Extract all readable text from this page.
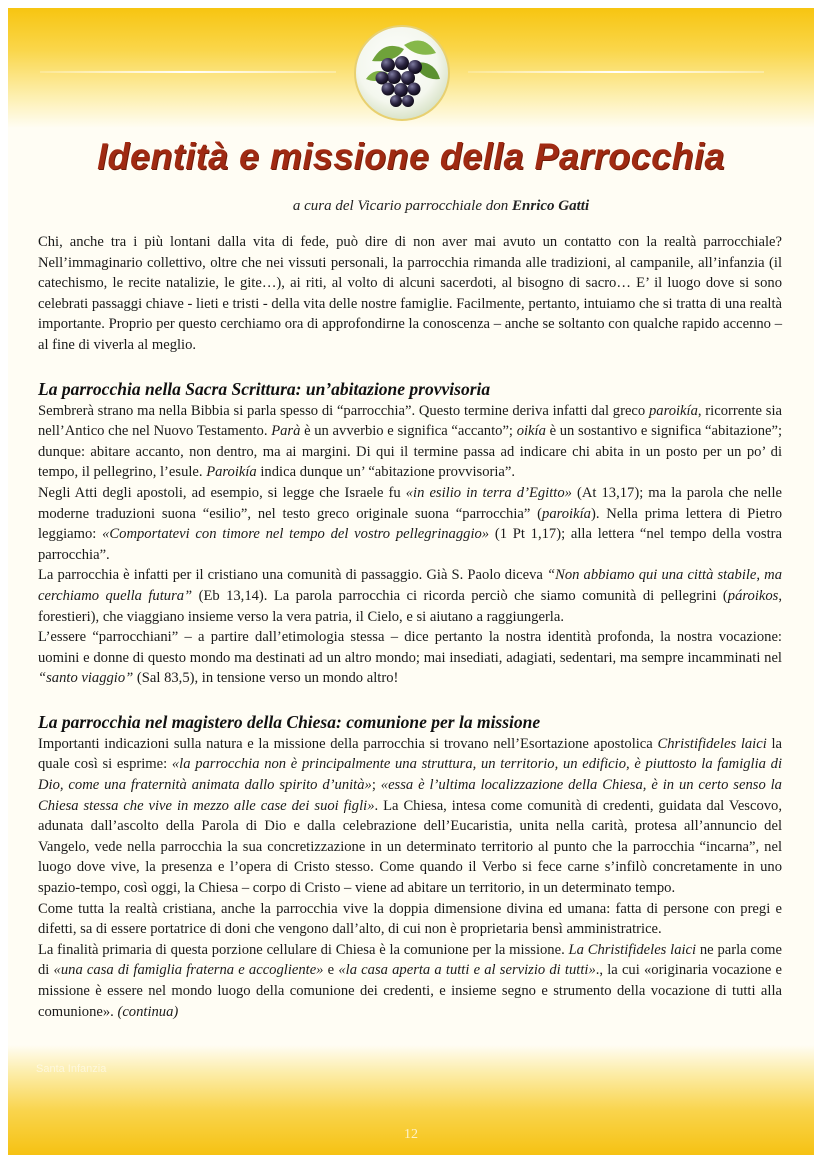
Identità e missione della Parrocchia
a cura del Vicario parrocchiale don Enrico Gatti

Chi, anche tra i più lontani dalla vita di fede, può dire di non aver mai avuto un contatto con la realtà parrocchiale? Nell’immaginario collettivo, oltre che nei vissuti personali, la parrocchia rimanda alle tradizioni, al campanile, all’infanzia (il catechismo, le recite natalizie, le gite…), ai riti, al volto di alcuni sacerdoti, al bisogno di sacro… E’ il luogo dove si sono celebrati passaggi chiave - lieti e tristi - della vita delle nostre famiglie. Facilmente, pertanto, intuiamo che si tratta di una realtà importante. Proprio per questo cerchiamo ora di approfondirne la conoscenza – anche se soltanto con qualche rapido accenno – al fine di viverla al meglio.

La parrocchia nella Sacra Scrittura: un’abitazione provvisoria

Sembrerà strano ma nella Bibbia si parla spesso di “parrocchia”. Questo termine deriva infatti dal greco paroikía, ricorrente sia nell’Antico che nel Nuovo Testamento. Parà è un avverbio e significa “accanto”; oikía è un sostantivo e significa “abitazione”; dunque: abitare accanto, non dentro, ma ai margini. Di qui il termine passa ad indicare chi abita in un posto per un po’ di tempo, il pellegrino, l’esule. Paroikía indica dunque un’ “abitazione provvisoria”.

Negli Atti degli apostoli, ad esempio, si legge che Israele fu «in esilio in terra d’Egitto» (At 13,17); ma la parola che nelle moderne traduzioni suona “esilio”, nel testo greco originale suona “parrocchia” (paroikía). Nella prima lettera di Pietro leggiamo: «Comportatevi con timore nel tempo del vostro pellegrinaggio» (1 Pt 1,17); alla lettera “nel tempo della vostra parrocchia”.

La parrocchia è infatti per il cristiano una comunità di passaggio. Già S. Paolo diceva “Non abbiamo qui una città stabile, ma cerchiamo quella futura” (Eb 13,14). La parola parrocchia ci ricorda perciò che siamo comunità di pellegrini (pároikos, forestieri), che viaggiano insieme verso la vera patria, il Cielo, e si aiutano a raggiungerla.

L’essere “parrocchiani” – a partire dall’etimologia stessa – dice pertanto la nostra identità profonda, la nostra vocazione: uomini e donne di questo mondo ma destinati ad un altro mondo; mai insediati, adagiati, sedentari, ma sempre incamminati nel “santo viaggio” (Sal 83,5), in tensione verso un mondo altro!

La parrocchia nel magistero della Chiesa: comunione per la missione

Importanti indicazioni sulla natura e la missione della parrocchia si trovano nell’Esortazione apostolica Christifideles laici la quale così si esprime: «la parrocchia non è principalmente una struttura, un territorio, un edificio, è piuttosto la famiglia di Dio, come una fraternità animata dallo spirito d’unità»; «essa è l’ultima localizzazione della Chiesa, è in un certo senso la Chiesa stessa che vive in mezzo alle case dei suoi figli». La Chiesa, intesa come comunità di credenti, guidata dal Vescovo, adunata dall’ascolto della Parola di Dio e dalla celebrazione dell’Eucaristia, unita nella carità, protesa all’annuncio del Vangelo, vede nella parrocchia la sua concretizzazione in un determinato territorio al punto che la parrocchia “incarna”, nel luogo dove vive, la presenza e l’opera di Cristo stesso. Come quando il Verbo si fece carne s’infilò concretamente in uno spazio-tempo, così oggi, la Chiesa – corpo di Cristo – viene ad abitare un territorio, in un determinato tempo.

Come tutta la realtà cristiana, anche la parrocchia vive la doppia dimensione divina ed umana: fatta di persone con pregi e difetti, sa di essere portatrice di doni che vengono dall’alto, di cui non è proprietaria bensì amministratrice.

La finalità primaria di questa porzione cellulare di Chiesa è la comunione per la missione. La Christifideles laici ne parla come di «una casa di famiglia fraterna e accogliente» e «la casa aperta a tutti e al servizio di tutti»., la cui «originaria vocazione e missione è essere nel mondo luogo della comunione dei credenti, e insieme segno e strumento della vocazione di tutti alla comunione». (continua)

Santa Infanzia
12
